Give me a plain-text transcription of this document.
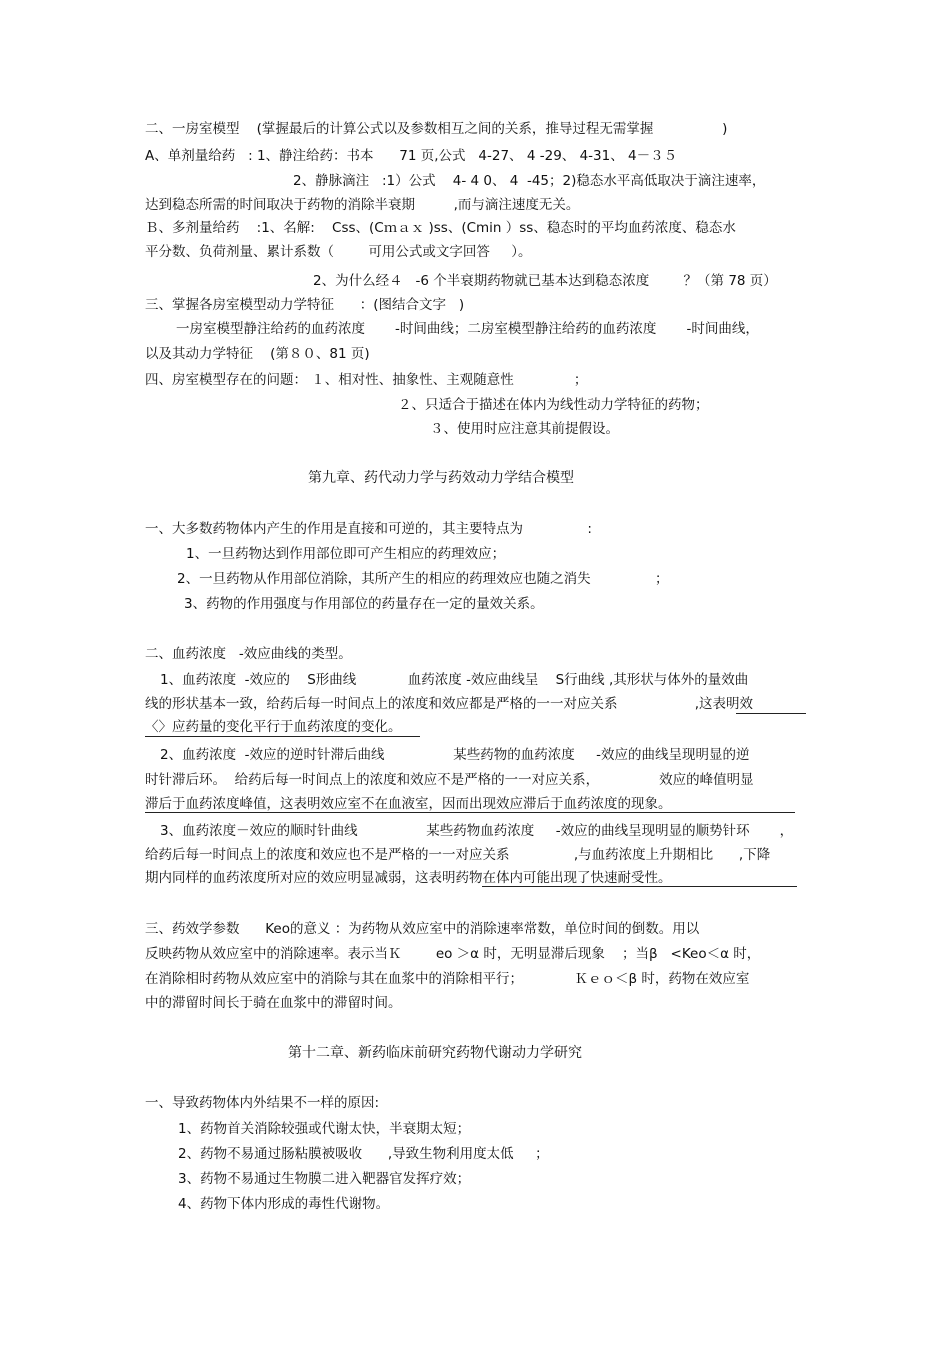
二、一房室模型    (掌握最后的计算公式以及参数相互之间的关系，推导过程无需掌握                )
A、单剂量给药   : 1、静注给药：书本      71 页,公式   4-27、 4 -29、 4-31、 4－３５
2、静脉滴注   :1）公式    4- 4 0、 4  -45；2)稳态水平高低取决于滴注速率，
达到稳态所需的时间取决于药物的消除半衰期         ,而与滴注速度无关。
Ｂ、多剂量给药    :1、名解:    Css、(Cｍａｘ )ss、(Cmin ）ss、稳态时的平均血药浓度、稳态水
平分数、负荷剂量、累计系数（        可用公式或文字回答     ）。
2、为什么经４   -6 个半衰期药物就已基本达到稳态浓度        ？（第 78 页）
三、掌握各房室模型动力学特征      ：(图结合文字   )
一房室模型静注给药的血药浓度       -时间曲线；二房室模型静注给药的血药浓度       -时间曲线，
以及其动力学特征    (第８０、81 页)
四、房室模型存在的问题： １、相对性、抽象性、主观随意性              ；
２、只适合于描述在体内为线性动力学特征的药物；
３、使用时应注意其前提假设。
第九章、药代动力学与药效动力学结合模型
一、大多数药物体内产生的作用是直接和可逆的，其主要特点为               :
1、一旦药物达到作用部位即可产生相应的药理效应；
2、一旦药物从作用部位消除，其所产生的相应的药理效应也随之消失               ；
3、药物的作用强度与作用部位的药量存在一定的量效关系。
二、血药浓度   -效应曲线的类型。
1、血药浓度  -效应的    S形曲线            血药浓度 -效应曲线呈    S行曲线 ,其形状与体外的量效曲
线的形状基本一致，给药后每一时间点上的浓度和效应都是严格的一一对应关系                  ,这表明效
〈〉应药量的变化平行于血药浓度的变化。
2、血药浓度  -效应的逆时针滞后曲线                某些药物的血药浓度     -效应的曲线呈现明显的逆
时针滞后环。  给药后每一时间点上的浓度和效应不是严格的一一对应关系，              效应的峰值明显
滞后于血药浓度峰值，这表明效应室不在血液室，因而出现效应滞后于血药浓度的现象。
3、血药浓度－效应的顺时针曲线                某些药物血药浓度     -效应的曲线呈现明显的顺势针环       ，
给药后每一时间点上的浓度和效应也不是严格的一一对应关系               ,与血药浓度上升期相比      ,下降
期内同样的血药浓度所对应的效应明显减弱，这表明药物在体内可能出现了快速耐受性。
三、药效学参数      Keo的意义 ：为药物从效应室中的消除速率常数，单位时间的倒数。用以
反映药物从效应室中的消除速率。表示当Ｋ        eo ＞α 时，无明显滞后现象    ；当β   <Keo＜α 时，
在消除相时药物从效应室中的消除与其在血浆中的消除相平行；            Ｋｅｏ＜β 时，药物在效应室
中的滞留时间长于骑在血浆中的滞留时间。
第十二章、新药临床前研究药物代谢动力学研究
一、导致药物体内外结果不一样的原因:
1、药物首关消除较强或代谢太快，半衰期太短；
2、药物不易通过肠粘膜被吸收      ,导致生物利用度太低     ；
3、药物不易通过生物膜二进入靶器官发挥疗效；
4、药物下体内形成的毒性代谢物。
